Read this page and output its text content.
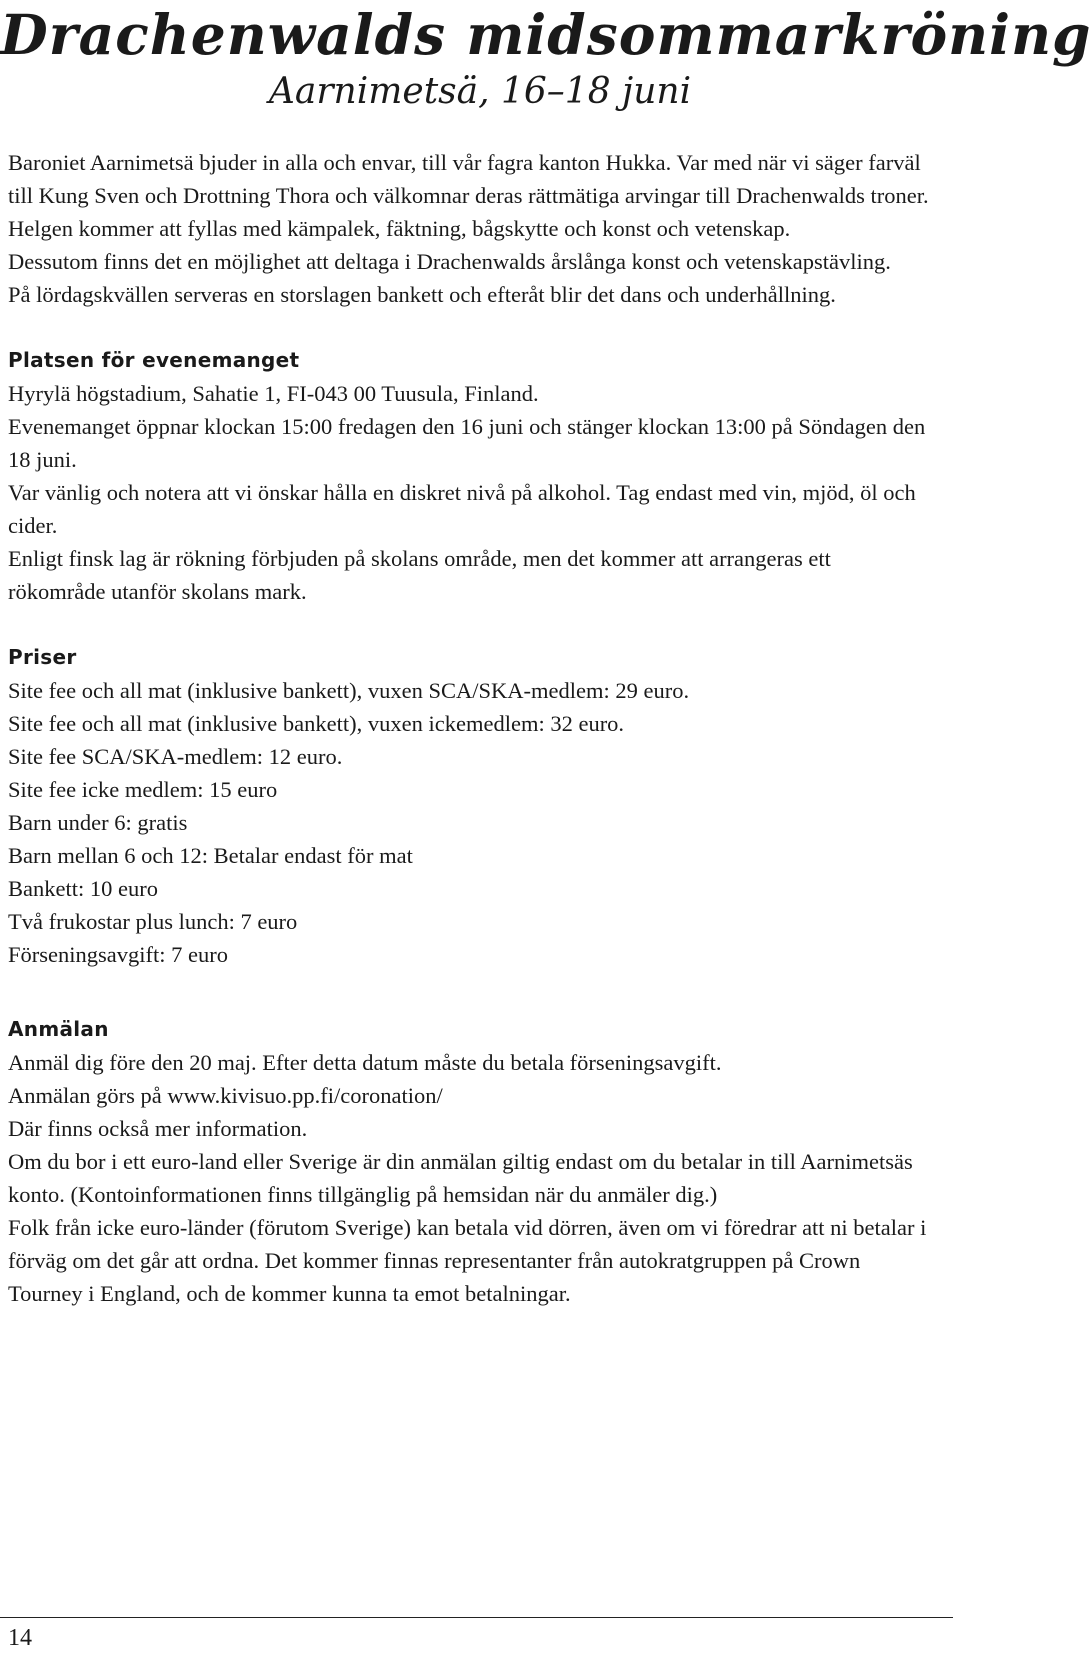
Drachenwalds midsommarkröning
Aarnimetsä, 16–18 juni

Baroniet Aarnimetsä bjuder in alla och envar, till vår fagra kanton Hukka. Var med när vi säger farväl till Kung Sven och Drottning Thora och välkomnar deras rättmätiga arvingar till Drachenwalds troner.

Helgen kommer att fyllas med kämpalek, fäktning, bågskytte och konst och vetenskap.

Dessutom finns det en möjlighet att deltaga i Drachenwalds årslånga konst och vetenskapstävling.

På lördagskvällen serveras en storslagen bankett och efteråt blir det dans och underhållning.

Platsen för evenemanget

Hyrylä högstadium, Sahatie 1, FI-043 00 Tuusula, Finland.

Evenemanget öppnar klockan 15:00 fredagen den 16 juni och stänger klockan 13:00 på Söndagen den 18 juni.

Var vänlig och notera att vi önskar hålla en diskret nivå på alkohol. Tag endast med vin, mjöd, öl och cider.

Enligt finsk lag är rökning förbjuden på skolans område, men det kommer att arrangeras ett rökområde utanför skolans mark.

Priser

Site fee och all mat (inklusive bankett), vuxen SCA/SKA-medlem: 29 euro.

Site fee och all mat (inklusive bankett), vuxen ickemedlem: 32 euro.

Site fee SCA/SKA-medlem: 12 euro.

Site fee icke medlem: 15 euro

Barn under 6: gratis

Barn mellan 6 och 12: Betalar endast för mat

Bankett: 10 euro

Två frukostar plus lunch: 7 euro

Förseningsavgift: 7 euro

Anmälan

Anmäl dig före den 20 maj. Efter detta datum måste du betala förseningsavgift.

Anmälan görs på www.kivisuo.pp.fi/coronation/

Där finns också mer information.

Om du bor i ett euro-land eller Sverige är din anmälan giltig endast om du betalar in till Aarnimetsäs konto. (Kontoinformationen finns tillgänglig på hemsidan när du anmäler dig.)

Folk från icke euro-länder (förutom Sverige) kan betala vid dörren, även om vi föredrar att ni betalar i förväg om det går att ordna. Det kommer finnas representanter från autokratgruppen på Crown Tourney i England, och de kommer kunna ta emot betalningar.

14
